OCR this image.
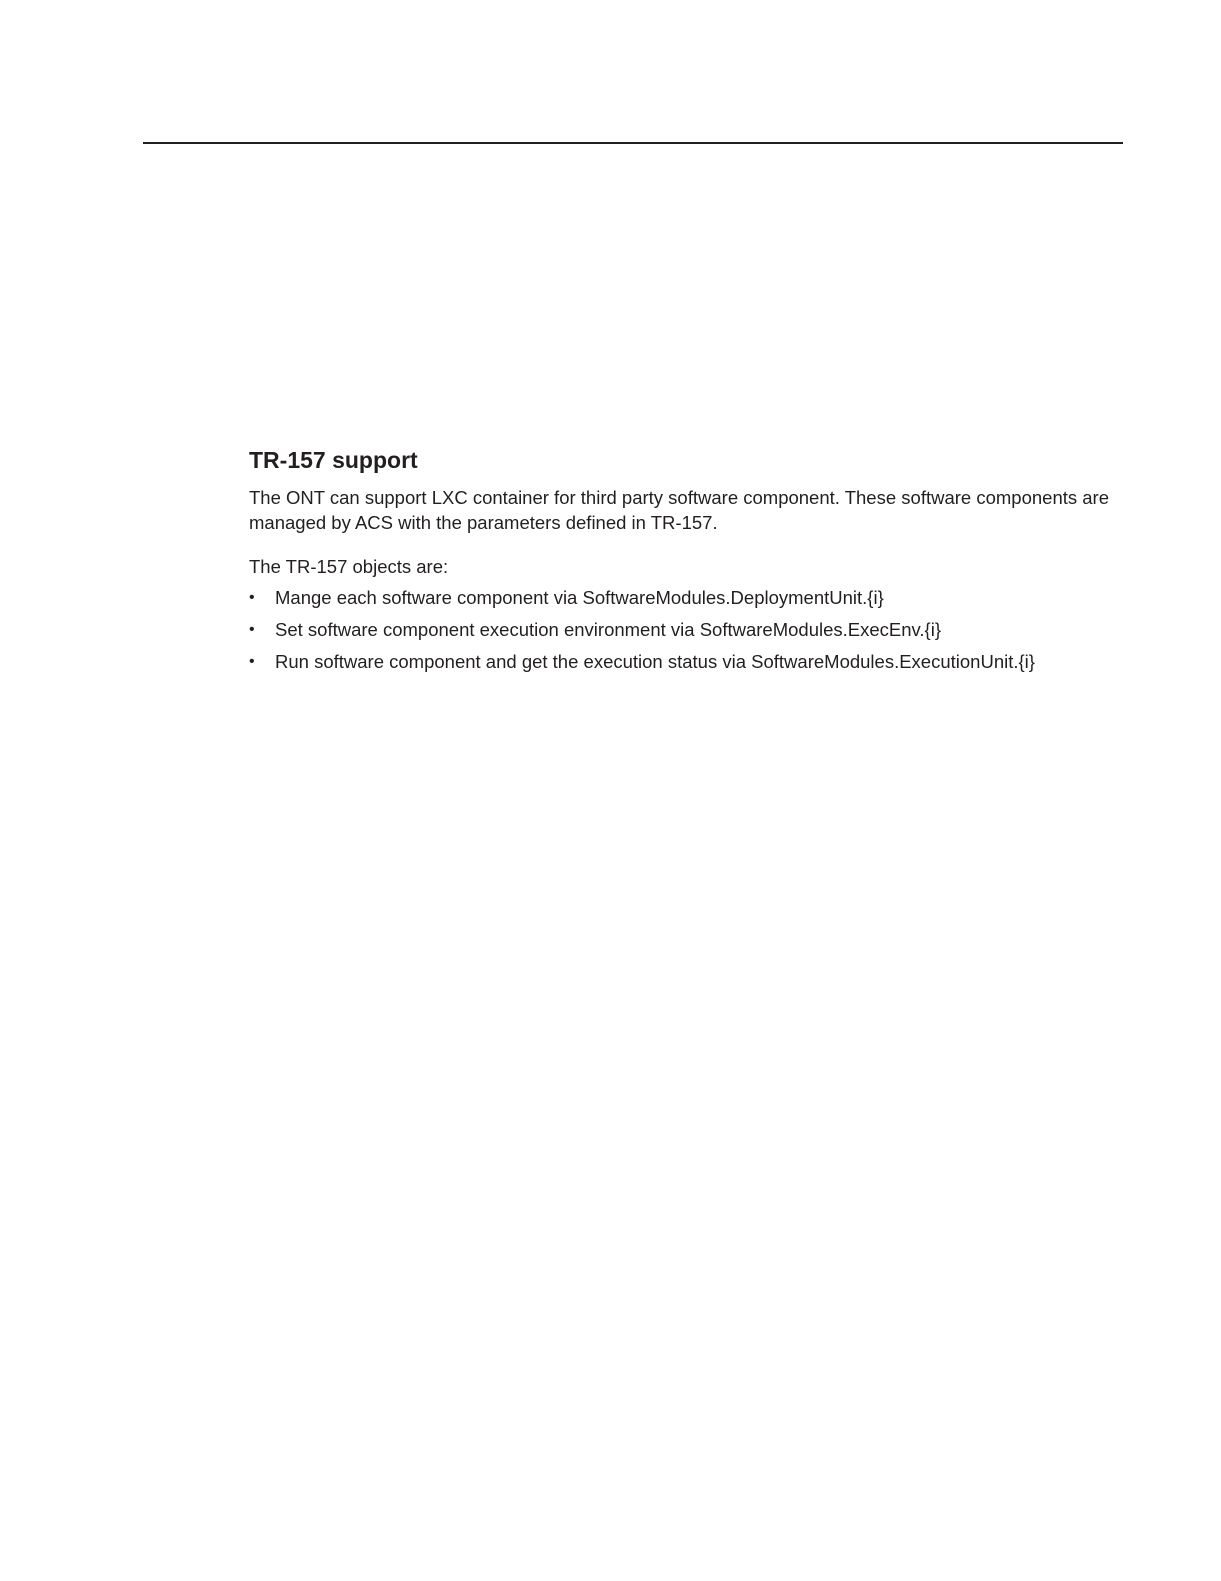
TR-157 support

The ONT can support LXC container for third party software component. These software components are managed by ACS with the parameters defined in TR-157.

The TR-157 objects are:

•	Mange each software component via SoftwareModules.DeploymentUnit.{i}
•	Set software component execution environment via SoftwareModules.ExecEnv.{i}
•	Run software component and get the execution status via SoftwareModules.ExecutionUnit.{i}
